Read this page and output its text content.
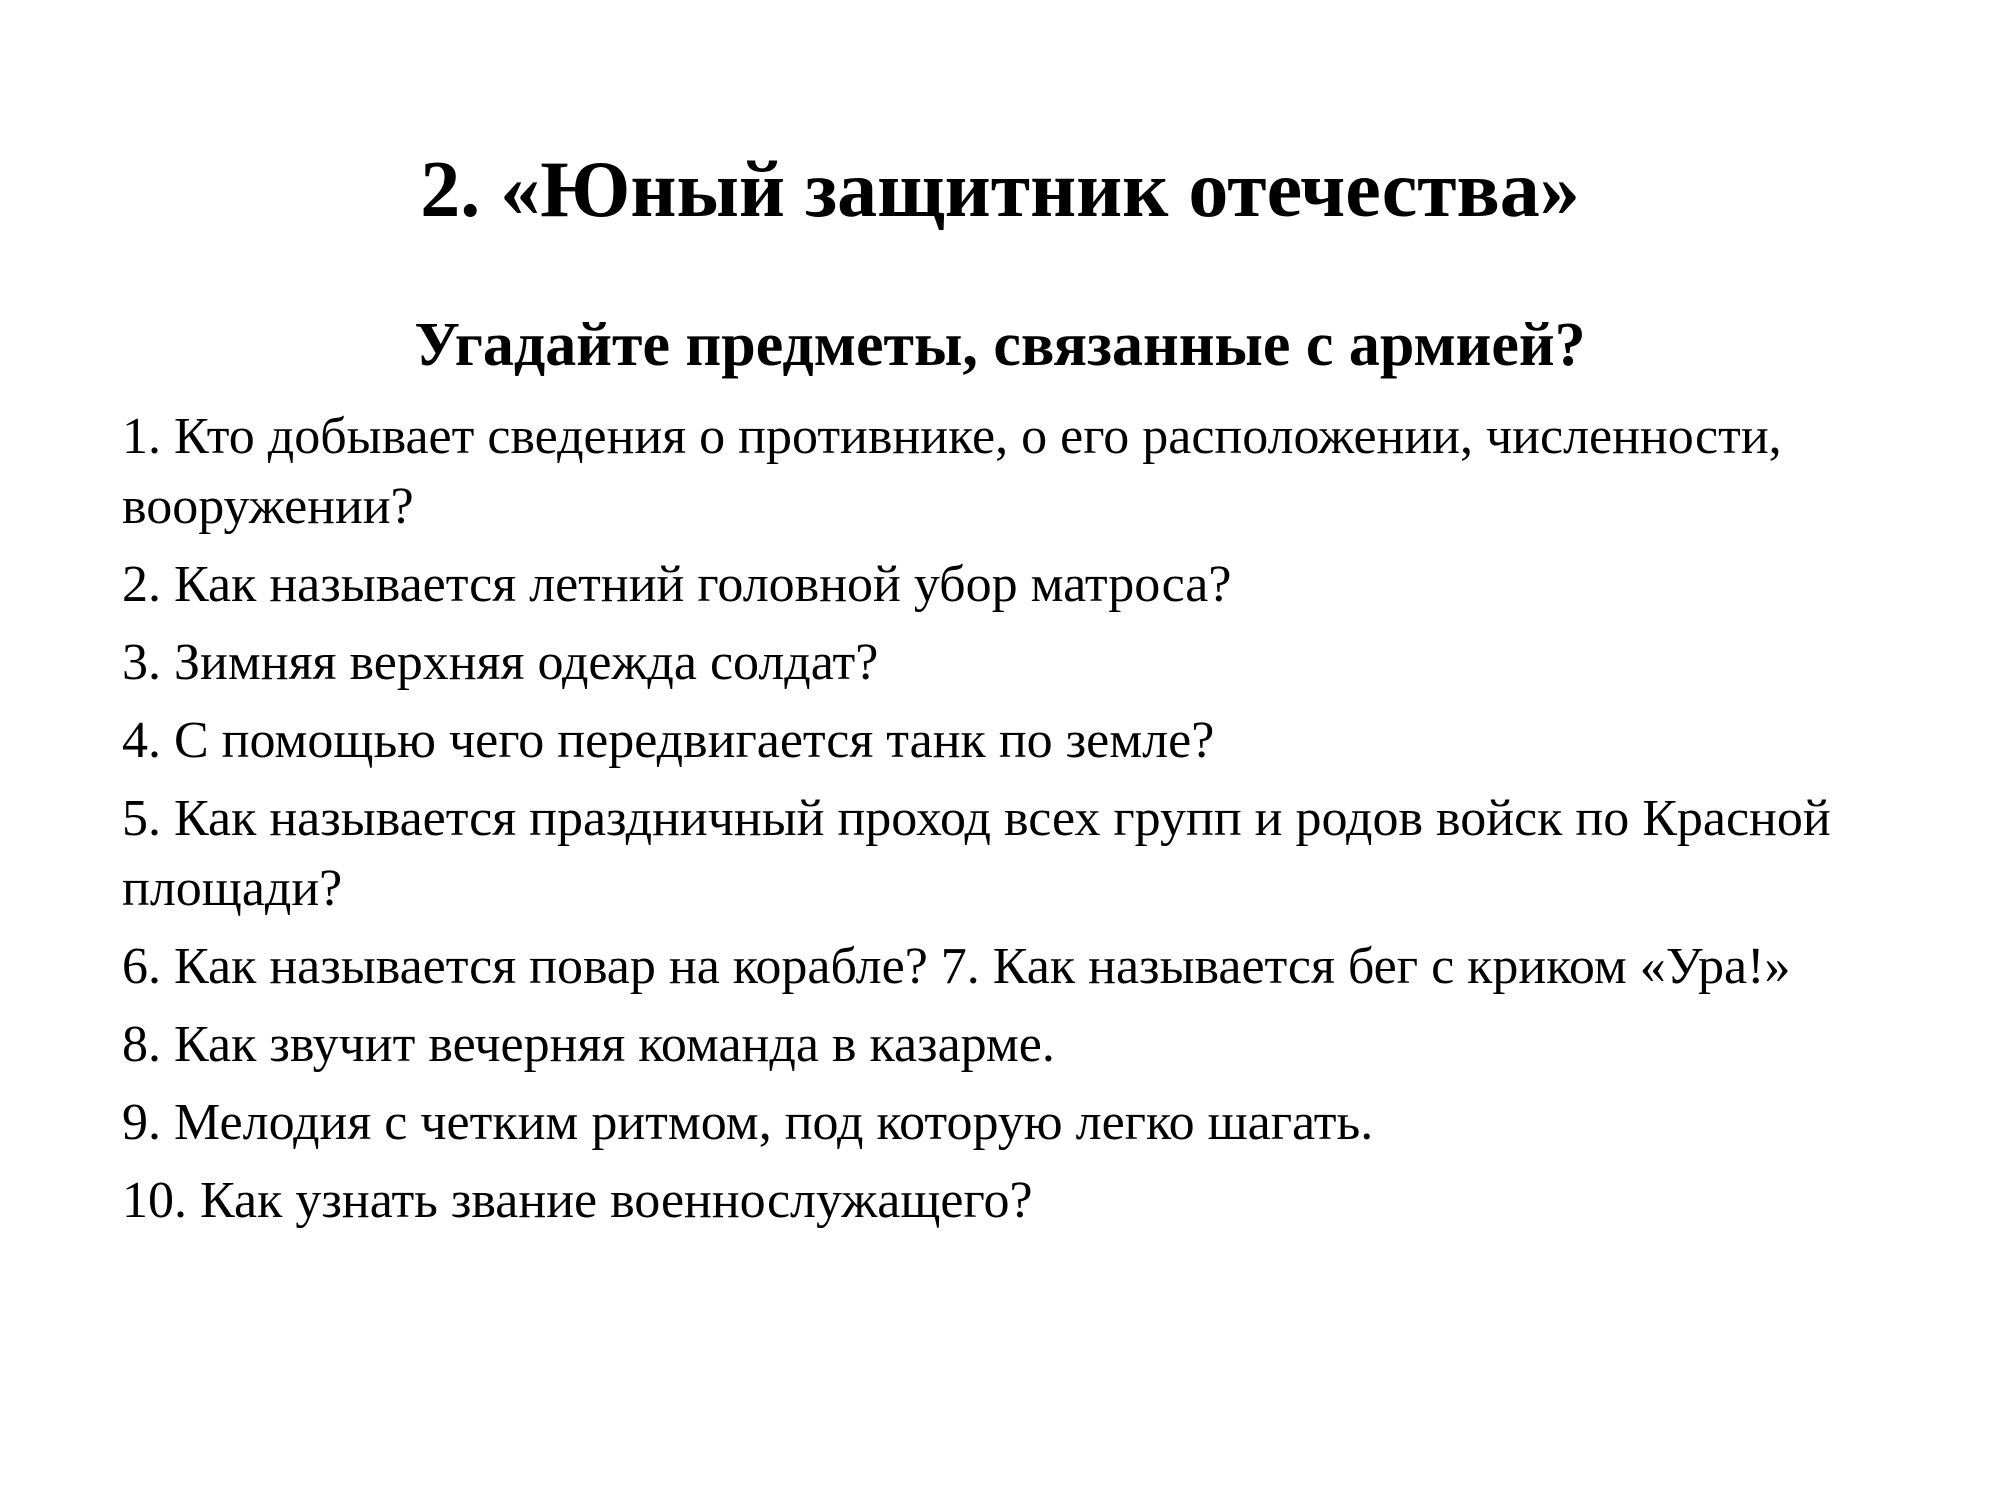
2. «Юный защитник отечества»
Угадайте предметы, связанные с армией?
1. Кто добывает сведения о противнике, о его расположении, численности, вооружении?
2. Как называется летний головной убор матроса?
3. Зимняя верхняя одежда солдат?
4. С помощью чего передвигается танк по земле?
5. Как называется праздничный проход всех групп и родов войск по Красной площади?
6. Как называется повар на корабле? 7. Как называется бег с криком «Ура!»
8. Как звучит вечерняя команда в казарме.
9. Мелодия с четким ритмом, под которую легко шагать.
10. Как узнать звание военнослужащего?
